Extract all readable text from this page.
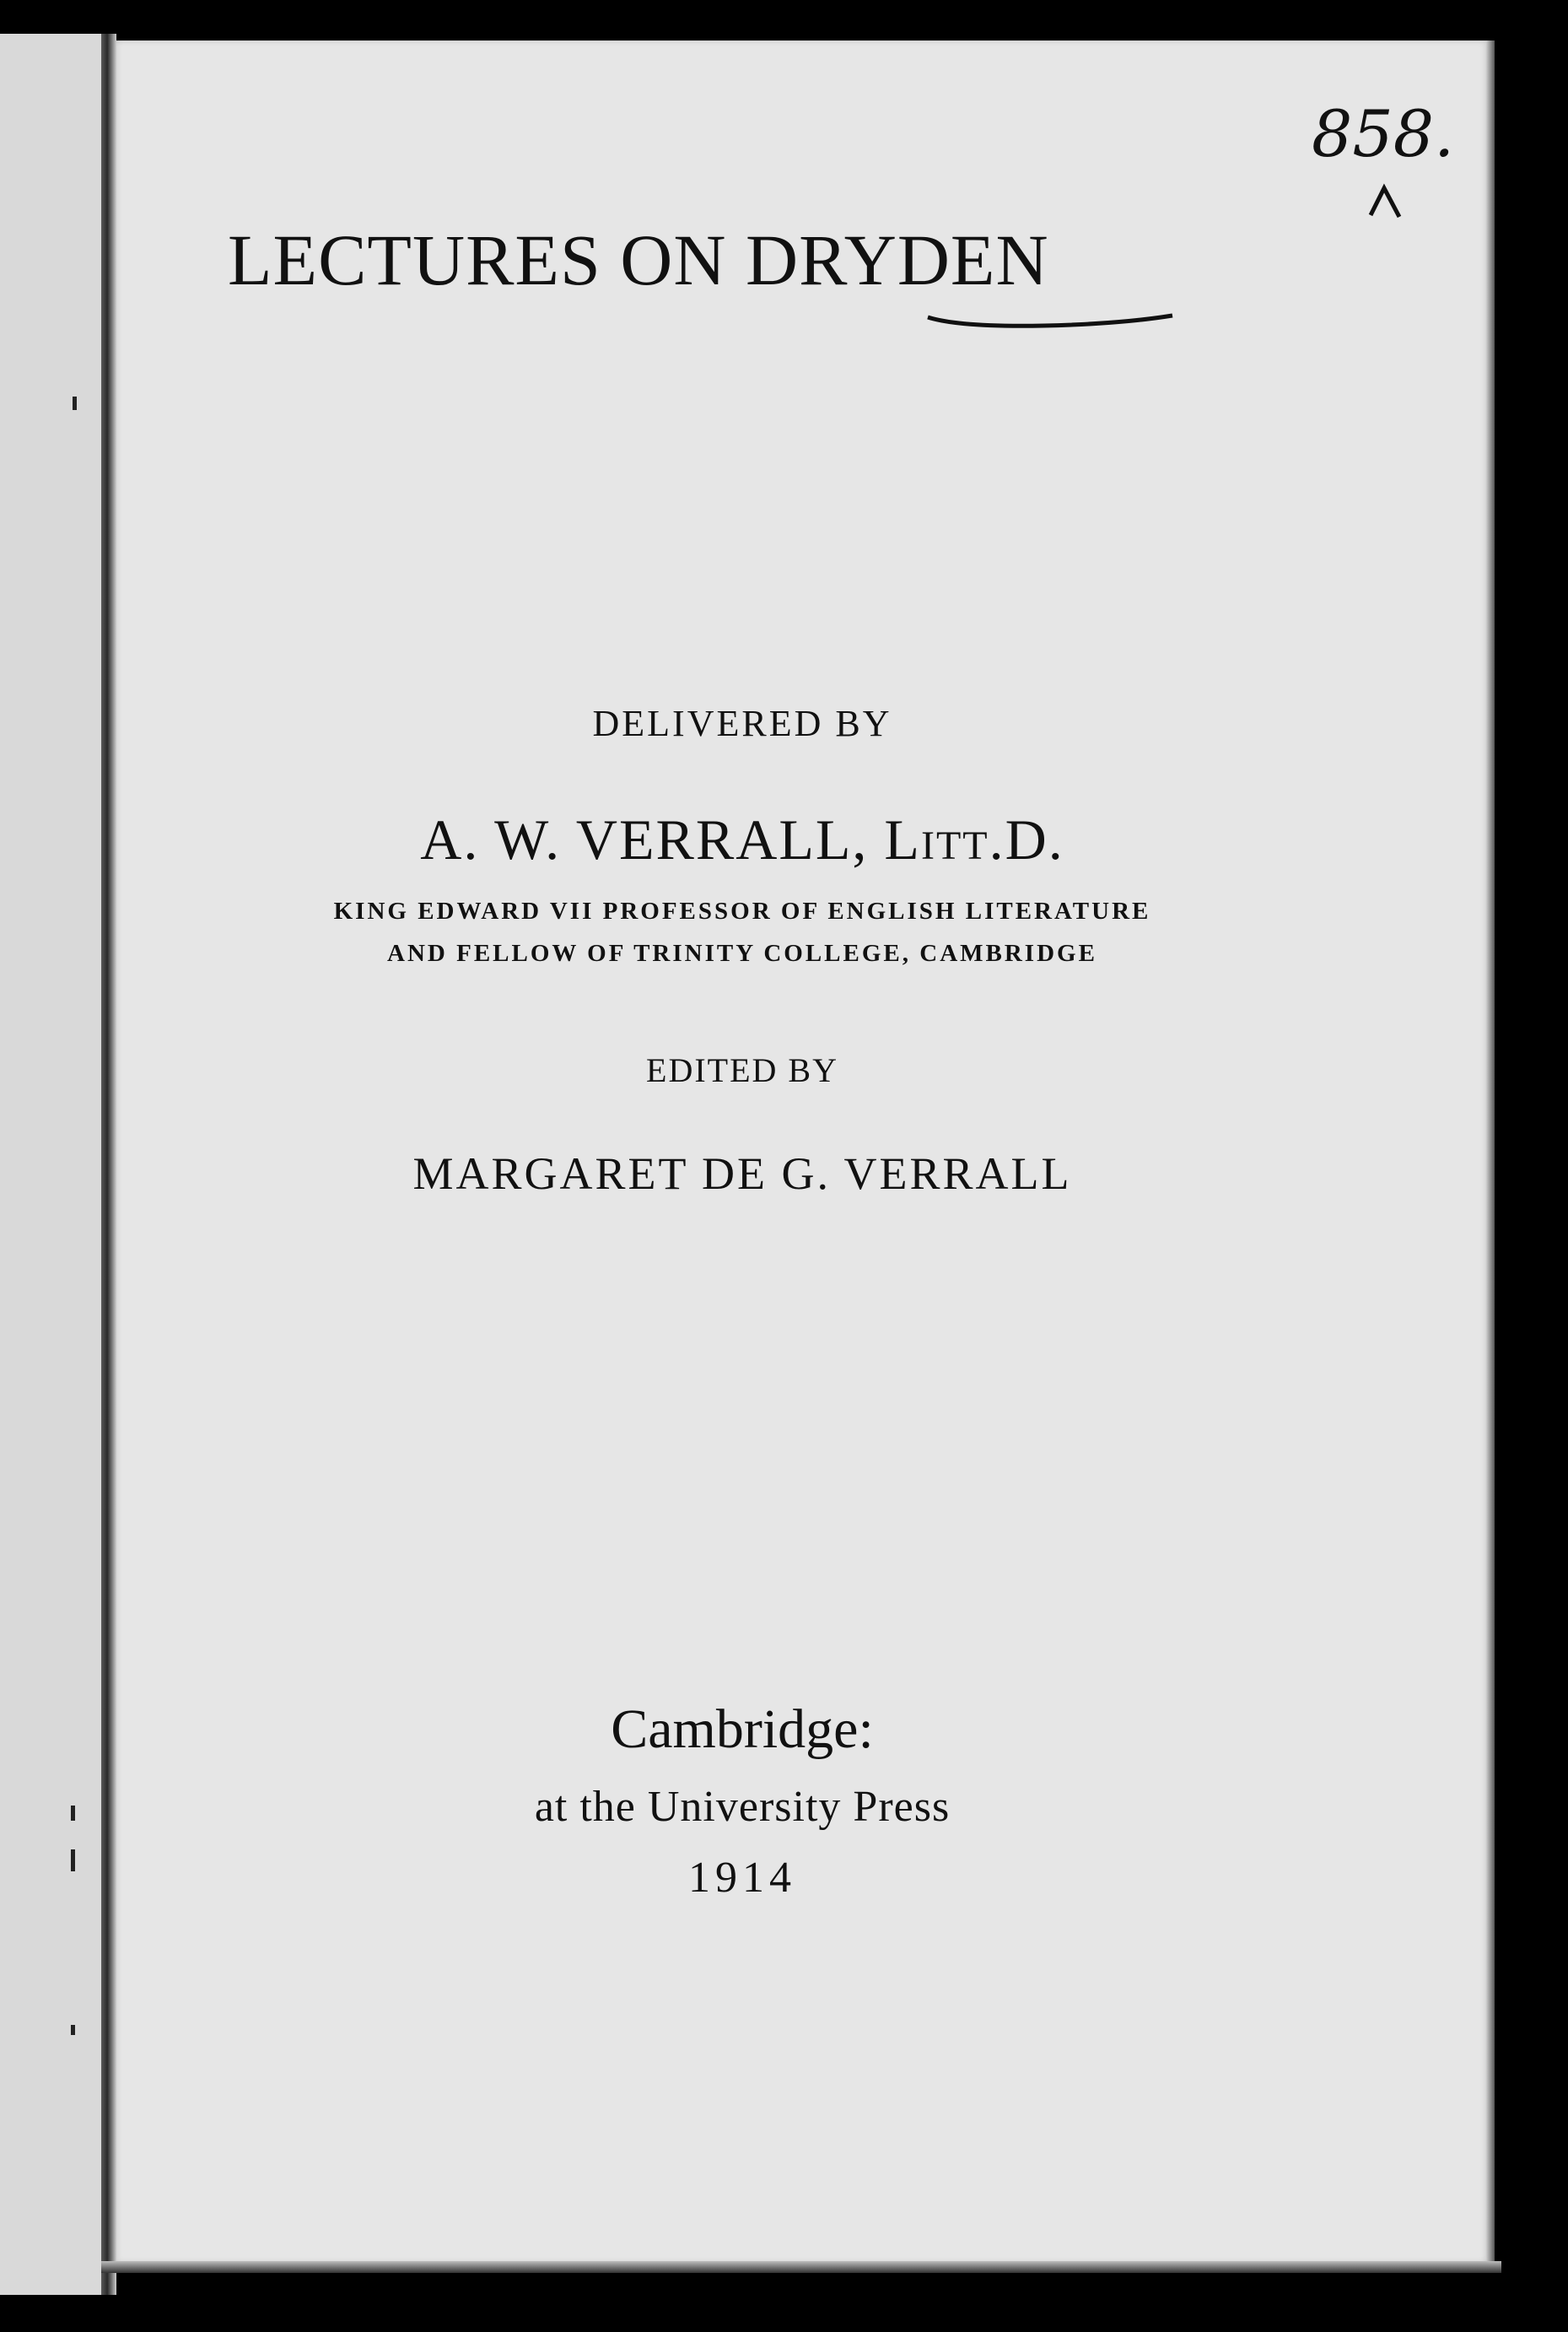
858.
LECTURES ON DRYDEN
DELIVERED BY
A. W. VERRALL, Litt.D.
KING EDWARD VII PROFESSOR OF ENGLISH LITERATURE
AND FELLOW OF TRINITY COLLEGE, CAMBRIDGE
EDITED BY
MARGARET DE G. VERRALL
Cambridge:
at the University Press
1914
